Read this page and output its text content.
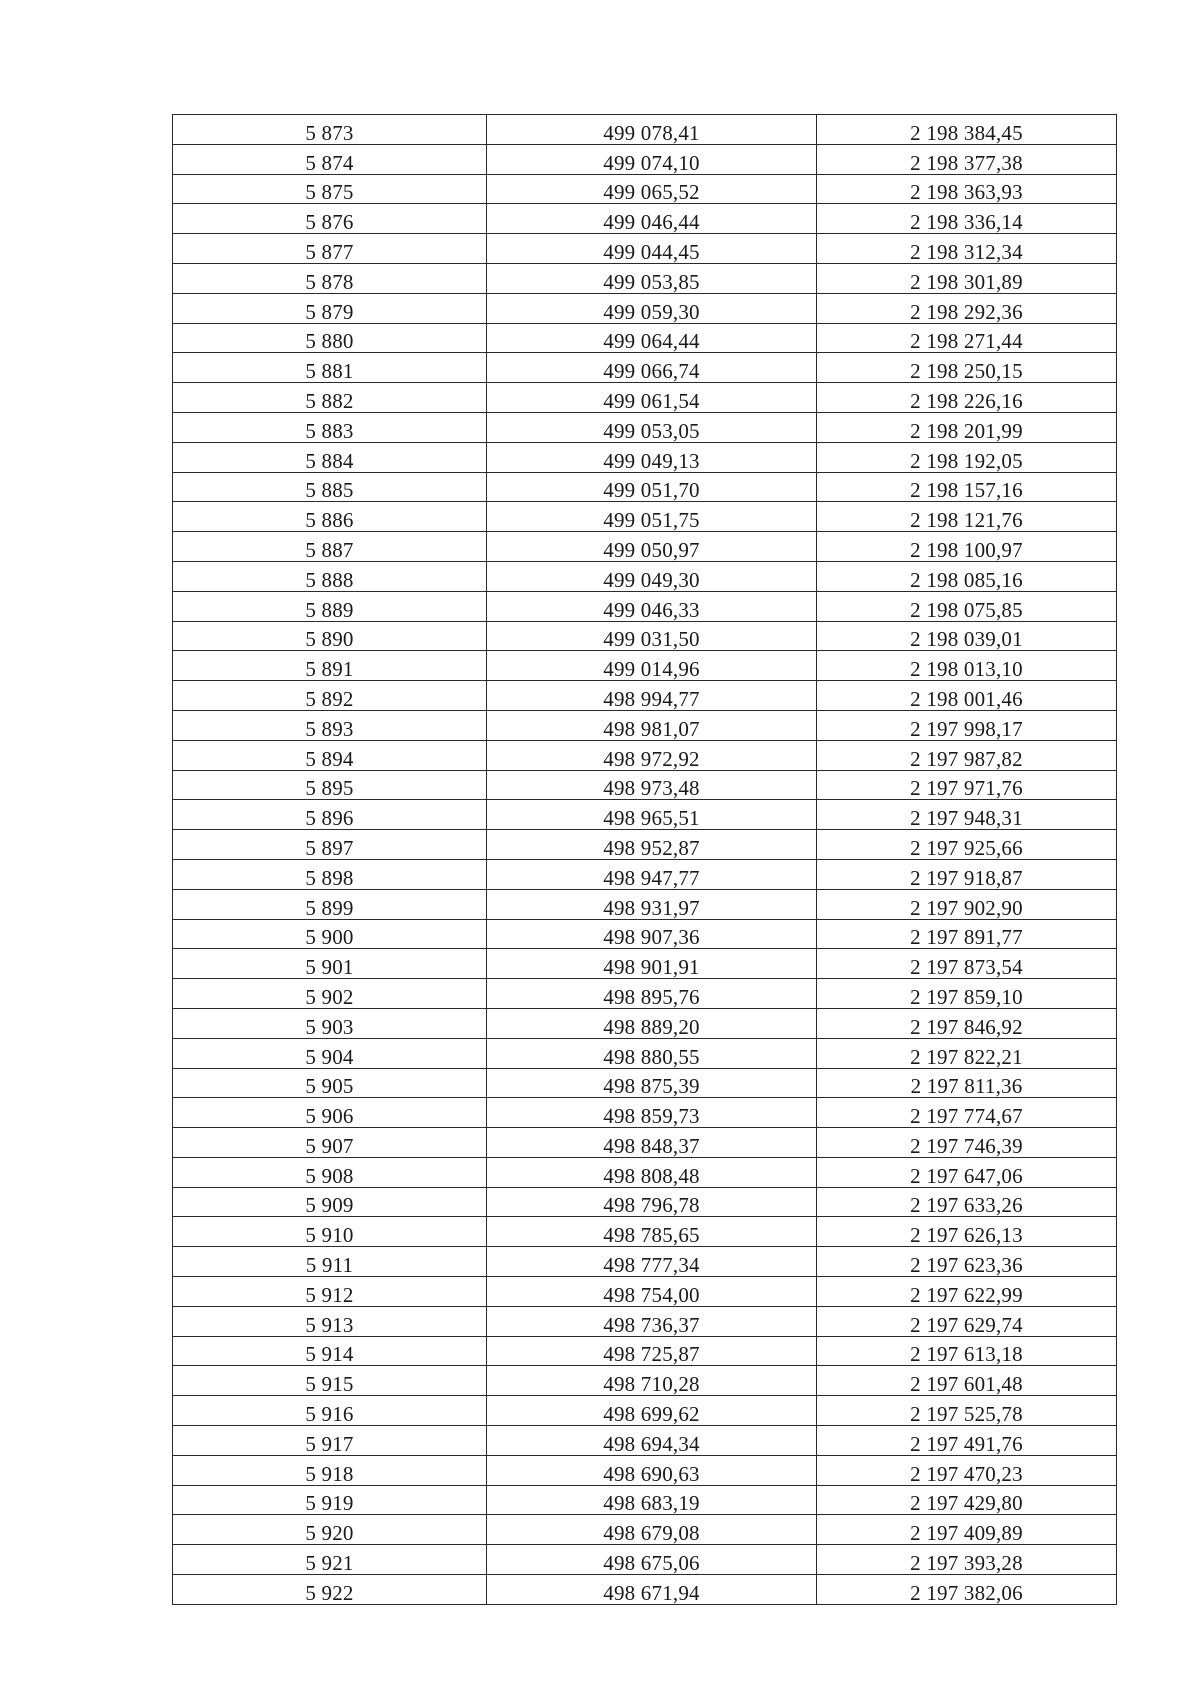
5 873	499 078,41	2 198 384,45
5 874	499 074,10	2 198 377,38
5 875	499 065,52	2 198 363,93
5 876	499 046,44	2 198 336,14
5 877	499 044,45	2 198 312,34
5 878	499 053,85	2 198 301,89
5 879	499 059,30	2 198 292,36
5 880	499 064,44	2 198 271,44
5 881	499 066,74	2 198 250,15
5 882	499 061,54	2 198 226,16
5 883	499 053,05	2 198 201,99
5 884	499 049,13	2 198 192,05
5 885	499 051,70	2 198 157,16
5 886	499 051,75	2 198 121,76
5 887	499 050,97	2 198 100,97
5 888	499 049,30	2 198 085,16
5 889	499 046,33	2 198 075,85
5 890	499 031,50	2 198 039,01
5 891	499 014,96	2 198 013,10
5 892	498 994,77	2 198 001,46
5 893	498 981,07	2 197 998,17
5 894	498 972,92	2 197 987,82
5 895	498 973,48	2 197 971,76
5 896	498 965,51	2 197 948,31
5 897	498 952,87	2 197 925,66
5 898	498 947,77	2 197 918,87
5 899	498 931,97	2 197 902,90
5 900	498 907,36	2 197 891,77
5 901	498 901,91	2 197 873,54
5 902	498 895,76	2 197 859,10
5 903	498 889,20	2 197 846,92
5 904	498 880,55	2 197 822,21
5 905	498 875,39	2 197 811,36
5 906	498 859,73	2 197 774,67
5 907	498 848,37	2 197 746,39
5 908	498 808,48	2 197 647,06
5 909	498 796,78	2 197 633,26
5 910	498 785,65	2 197 626,13
5 911	498 777,34	2 197 623,36
5 912	498 754,00	2 197 622,99
5 913	498 736,37	2 197 629,74
5 914	498 725,87	2 197 613,18
5 915	498 710,28	2 197 601,48
5 916	498 699,62	2 197 525,78
5 917	498 694,34	2 197 491,76
5 918	498 690,63	2 197 470,23
5 919	498 683,19	2 197 429,80
5 920	498 679,08	2 197 409,89
5 921	498 675,06	2 197 393,28
5 922	498 671,94	2 197 382,06
